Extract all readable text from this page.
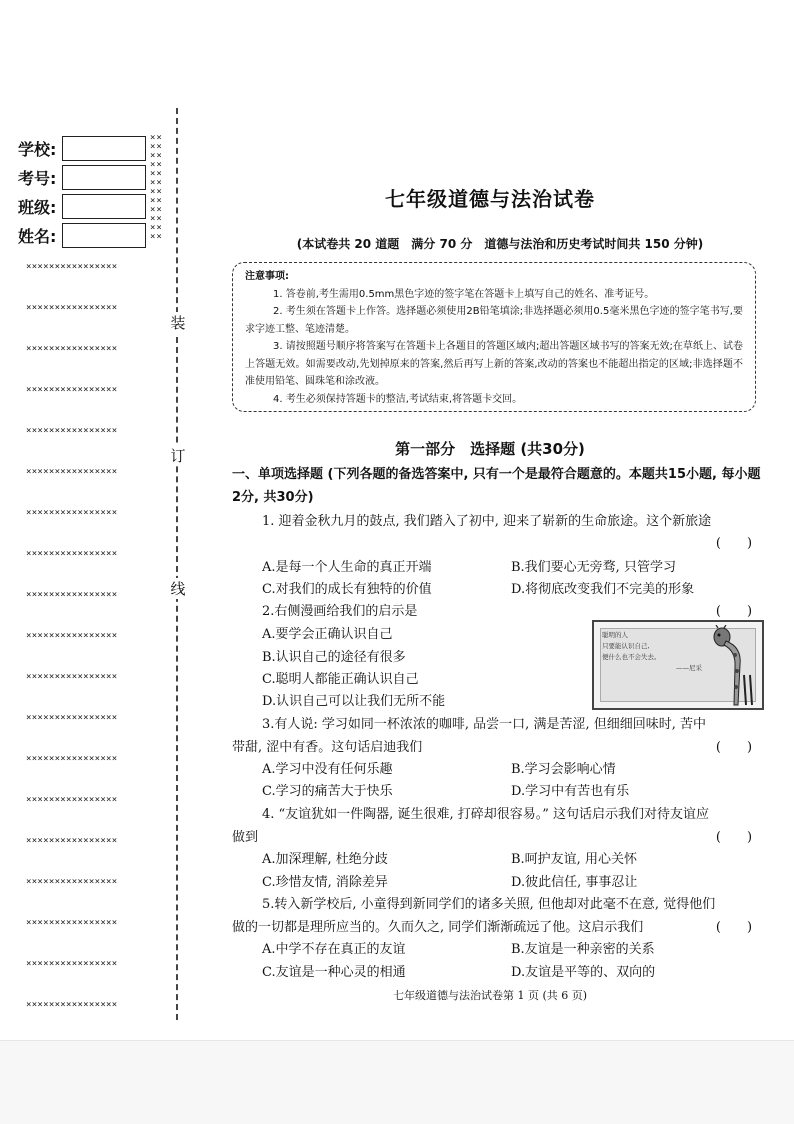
学校:
考号:
班级:
姓名:
××
××
××
××
××
××
××
××
××
××
××
××
××××××××××××××××
××××××××××××××××
××××××××××××××××
××××××××××××××××
××××××××××××××××
××××××××××××××××
××××××××××××××××
××××××××××××××××
××××××××××××××××
××××××××××××××××
××××××××××××××××
××××××××××××××××
××××××××××××××××
××××××××××××××××
××××××××××××××××
××××××××××××××××
××××××××××××××××
××××××××××××××××
××××××××××××××××
装
订
线
七年级道德与法治试卷
(本试卷共 20 道题　满分 70 分　道德与法治和历史考试时间共 150 分钟)
注意事项:

1. 答卷前,考生需用0.5mm黑色字迹的签字笔在答题卡上填写自己的姓名、准考证号。

2. 考生须在答题卡上作答。选择题必须使用2B铅笔填涂;非选择题必须用0.5毫米黑色字迹的签字笔书写,要求字迹工整、笔迹清楚。

3. 请按照题号顺序将答案写在答题卡上各题目的答题区域内;超出答题区域书写的答案无效;在草纸上、试卷上答题无效。如需要改动,先划掉原来的答案,然后再写上新的答案,改动的答案也不能超出指定的区域;非选择题不准使用铅笔、圆珠笔和涂改液。

4. 考生必须保持答题卡的整洁,考试结束,将答题卡交回。

第一部分　选择题 (共30分)
一、单项选择题 (下列各题的备选答案中, 只有一个是最符合题意的。本题共15小题, 每小题2分, 共30分)
1. 迎着金秋九月的鼓点, 我们踏入了初中, 迎来了崭新的生命旅途。这个新旅途
(　　)
A.是每一个人生命的真正开端	B.我们要心无旁骛, 只管学习
C.对我们的成长有独特的价值	D.将彻底改变我们不完美的形象
2.右侧漫画给我们的启示是	(　　)
A.要学会正确认识自己
B.认识自己的途径有很多
C.聪明人都能正确认识自己
D.认识自己可以让我们无所不能
聪明的人
只要能认识自己,
便什么也不会失去。
——尼采
3.有人说: 学习如同一杯浓浓的咖啡, 品尝一口, 满是苦涩, 但细细回味时, 苦中
带甜, 涩中有香。这句话启迪我们	(　　)
A.学习中没有任何乐趣	B.学习会影响心情
C.学习的痛苦大于快乐	D.学习中有苦也有乐
4. “友谊犹如一件陶器, 诞生很难, 打碎却很容易。” 这句话启示我们对待友谊应
做到	(　　)
A.加深理解, 杜绝分歧	B.呵护友谊, 用心关怀
C.珍惜友情, 消除差异	D.彼此信任, 事事忍让
5.转入新学校后, 小童得到新同学们的诸多关照, 但他却对此毫不在意, 觉得他们
做的一切都是理所应当的。久而久之, 同学们渐渐疏远了他。这启示我们	(　　)
A.中学不存在真正的友谊	B.友谊是一种亲密的关系
C.友谊是一种心灵的相通	D.友谊是平等的、双向的
七年级道德与法治试卷第 1 页 (共 6 页)
